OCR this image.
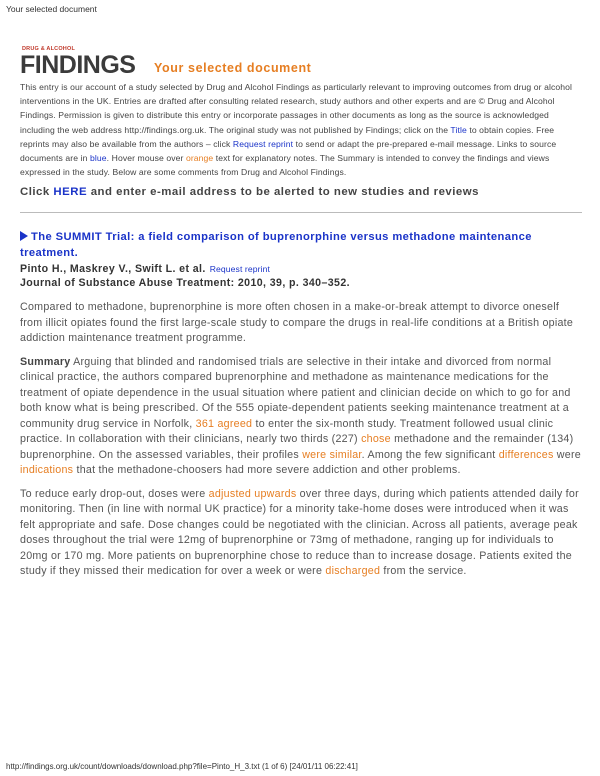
Your selected document
DRUG & ALCOHOL
FINDINGS Your selected document

This entry is our account of a study selected by Drug and Alcohol Findings as particularly relevant to improving outcomes from drug or alcohol interventions in the UK. Entries are drafted after consulting related research, study authors and other experts and are © Drug and Alcohol Findings. Permission is given to distribute this entry or incorporate passages in other documents as long as the source is acknowledged including the web address http://findings.org.uk. The original study was not published by Findings; click on the Title to obtain copies. Free reprints may also be available from the authors – click Request reprint to send or adapt the pre-prepared e-mail message. Links to source documents are in blue. Hover mouse over orange text for explanatory notes. The Summary is intended to convey the findings and views expressed in the study. Below are some comments from Drug and Alcohol Findings.

Click HERE and enter e-mail address to be alerted to new studies and reviews

The SUMMIT Trial: a field comparison of buprenorphine versus methadone maintenance treatment.
Pinto H., Maskrey V., Swift L. et al. Request reprint
Journal of Substance Abuse Treatment: 2010, 39, p. 340–352.

Compared to methadone, buprenorphine is more often chosen in a make-or-break attempt to divorce oneself from illicit opiates found the first large-scale study to compare the drugs in real-life conditions at a British opiate addiction maintenance treatment programme.

Summary Arguing that blinded and randomised trials are selective in their intake and divorced from normal clinical practice, the authors compared buprenorphine and methadone as maintenance medications for the treatment of opiate dependence in the usual situation where patient and clinician decide on which to go for and both know what is being prescribed. Of the 555 opiate-dependent patients seeking maintenance treatment at a community drug service in Norfolk, 361 agreed to enter the six-month study. Treatment followed usual clinic practice. In collaboration with their clinicians, nearly two thirds (227) chose methadone and the remainder (134) buprenorphine. On the assessed variables, their profiles were similar. Among the few significant differences were indications that the methadone-choosers had more severe addiction and other problems.

To reduce early drop-out, doses were adjusted upwards over three days, during which patients attended daily for monitoring. Then (in line with normal UK practice) for a minority take-home doses were introduced when it was felt appropriate and safe. Dose changes could be negotiated with the clinician. Across all patients, average peak doses throughout the trial were 12mg of buprenorphine or 73mg of methadone, ranging up for individuals to 20mg or 170 mg. More patients on buprenorphine chose to reduce than to increase dosage. Patients exited the study if they missed their medication for over a week or were discharged from the service.

http://findings.org.uk/count/downloads/download.php?file=Pinto_H_3.txt (1 of 6) [24/01/11 06:22:41]
